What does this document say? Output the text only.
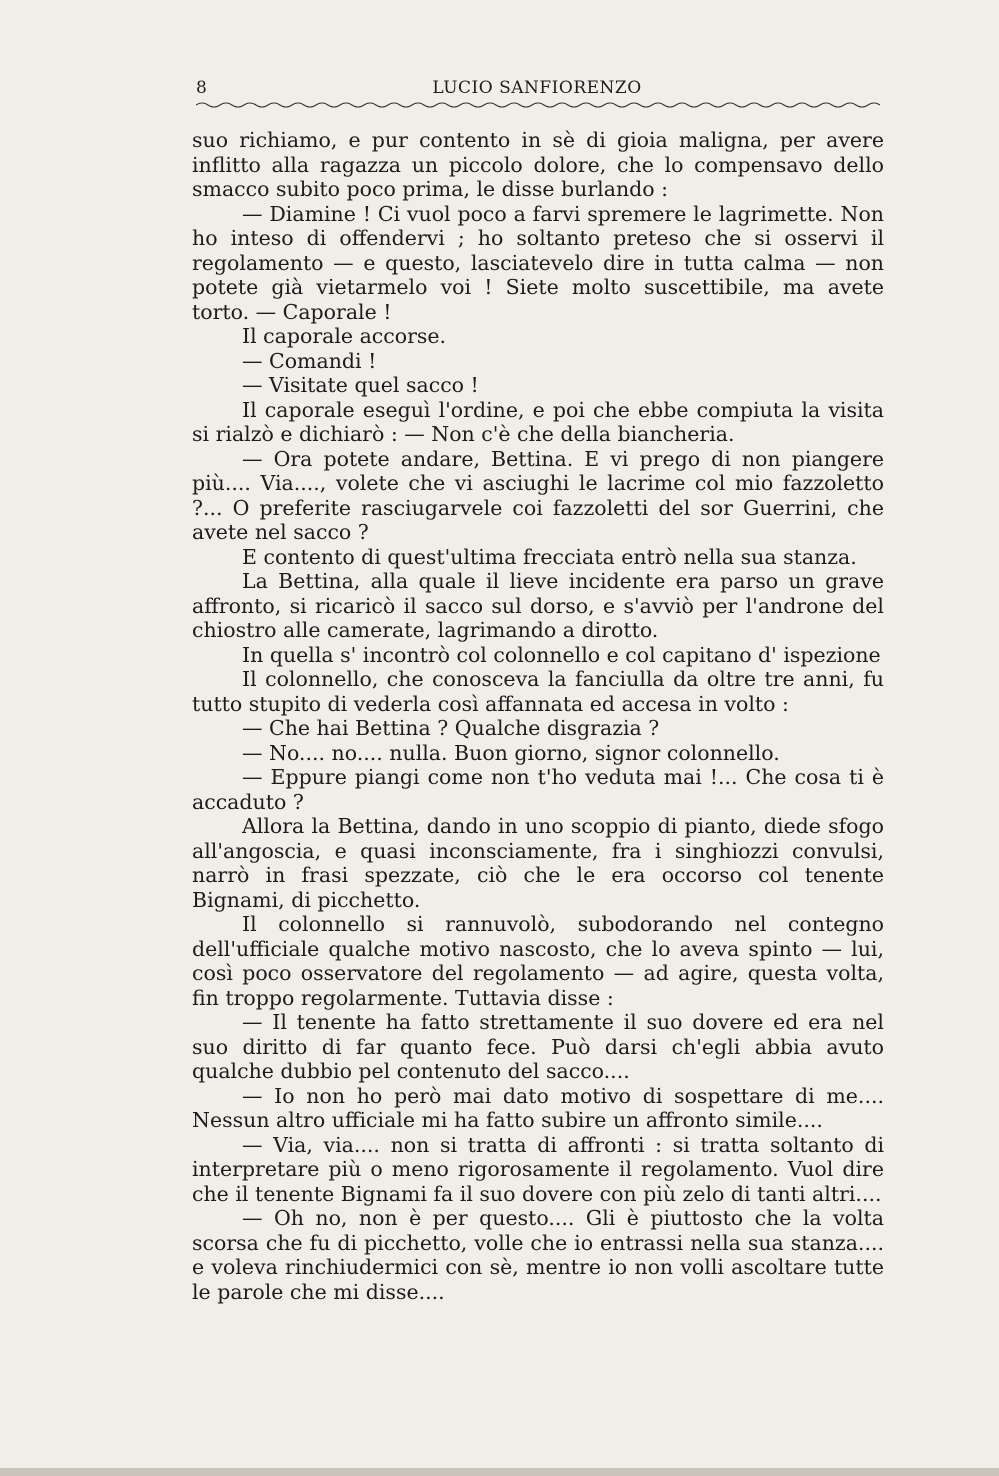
8	LUCIO SANFIORENZO

suo richiamo, e pur contento in sè di gioia maligna, per avere inflitto alla ragazza un piccolo dolore, che lo compensavo dello smacco subito poco prima, le disse burlando :

— Diamine ! Ci vuol poco a farvi spremere le lagrimette. Non ho inteso di offendervi ; ho soltanto preteso che si osservi il regolamento — e questo, lasciatevelo dire in tutta calma — non potete già vietarmelo voi ! Siete molto suscettibile, ma avete torto. — Caporale !

Il caporale accorse.

— Comandi !

— Visitate quel sacco !

Il caporale eseguì l'ordine, e poi che ebbe compiuta la visita si rialzò e dichiarò : — Non c'è che della biancheria.

— Ora potete andare, Bettina. E vi prego di non piangere più.... Via...., volete che vi asciughi le lacrime col mio fazzoletto ?... O preferite rasciugarvele coi fazzoletti del sor Guerrini, che avete nel sacco ?

E contento di quest'ultima frecciata entrò nella sua stanza.

La Bettina, alla quale il lieve incidente era parso un grave affronto, si ricaricò il sacco sul dorso, e s'avviò per l'androne del chiostro alle camerate, lagrimando a dirotto.

In quella s' incontrò col colonnello e col capitano d' ispezione

Il colonnello, che conosceva la fanciulla da oltre tre anni, fu tutto stupito di vederla così affannata ed accesa in volto :

— Che hai Bettina ? Qualche disgrazia ?

— No.... no.... nulla. Buon giorno, signor colonnello.

— Eppure piangi come non t'ho veduta mai !... Che cosa ti è accaduto ?

Allora la Bettina, dando in uno scoppio di pianto, diede sfogo all'angoscia, e quasi inconsciamente, fra i singhiozzi convulsi, narrò in frasi spezzate, ciò che le era occorso col tenente Bignami, di picchetto.

Il colonnello si rannuvolò, subodorando nel contegno dell'ufficiale qualche motivo nascosto, che lo aveva spinto — lui, così poco osservatore del regolamento — ad agire, questa volta, fin troppo regolarmente. Tuttavia disse :

— Il tenente ha fatto strettamente il suo dovere ed era nel suo diritto di far quanto fece. Può darsi ch'egli abbia avuto qualche dubbio pel contenuto del sacco....

— Io non ho però mai dato motivo di sospettare di me.... Nessun altro ufficiale mi ha fatto subire un affronto simile....

— Via, via.... non si tratta di affronti : si tratta soltanto di interpretare più o meno rigorosamente il regolamento. Vuol dire che il tenente Bignami fa il suo dovere con più zelo di tanti altri....

— Oh no, non è per questo.... Gli è piuttosto che la volta scorsa che fu di picchetto, volle che io entrassi nella sua stanza.... e voleva rinchiudermici con sè, mentre io non volli ascoltare tutte le parole che mi disse....
